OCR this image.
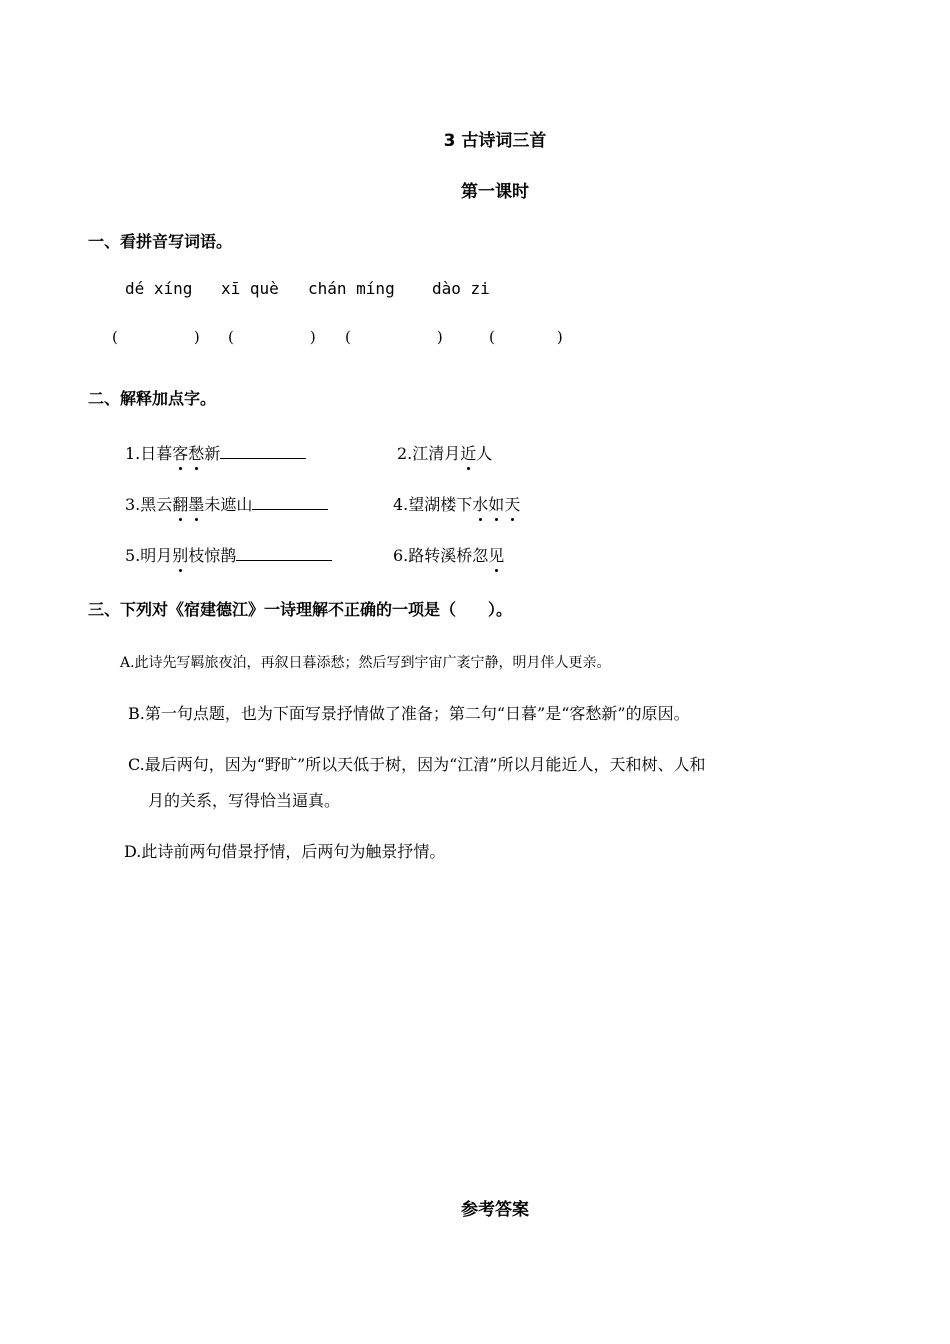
3 古诗词三首
第一课时
一、看拼音写词语。
dé xíng xī què chán míng dào zi
(	) (	) (	)	(	)
二、解释加点字。
1.日暮客愁新	2.江清月近人
3.黑云翻墨未遮山	4.望湖楼下水如天
5.明月别枝惊鹊	6.路转溪桥忽见
三、下列对《宿建德江》一诗理解不正确的一项是（　　）。
A.此诗先写羁旅夜泊，再叙日暮添愁；然后写到宇宙广袤宁静，明月伴人更亲。
B.第一句点题，也为下面写景抒情做了准备；第二句“日暮”是“客愁新”的原因。
C.最后两句，因为“野旷”所以天低于树，因为“江清”所以月能近人，天和树、人和
月的关系，写得恰当逼真。
D.此诗前两句借景抒情，后两句为触景抒情。
参考答案
